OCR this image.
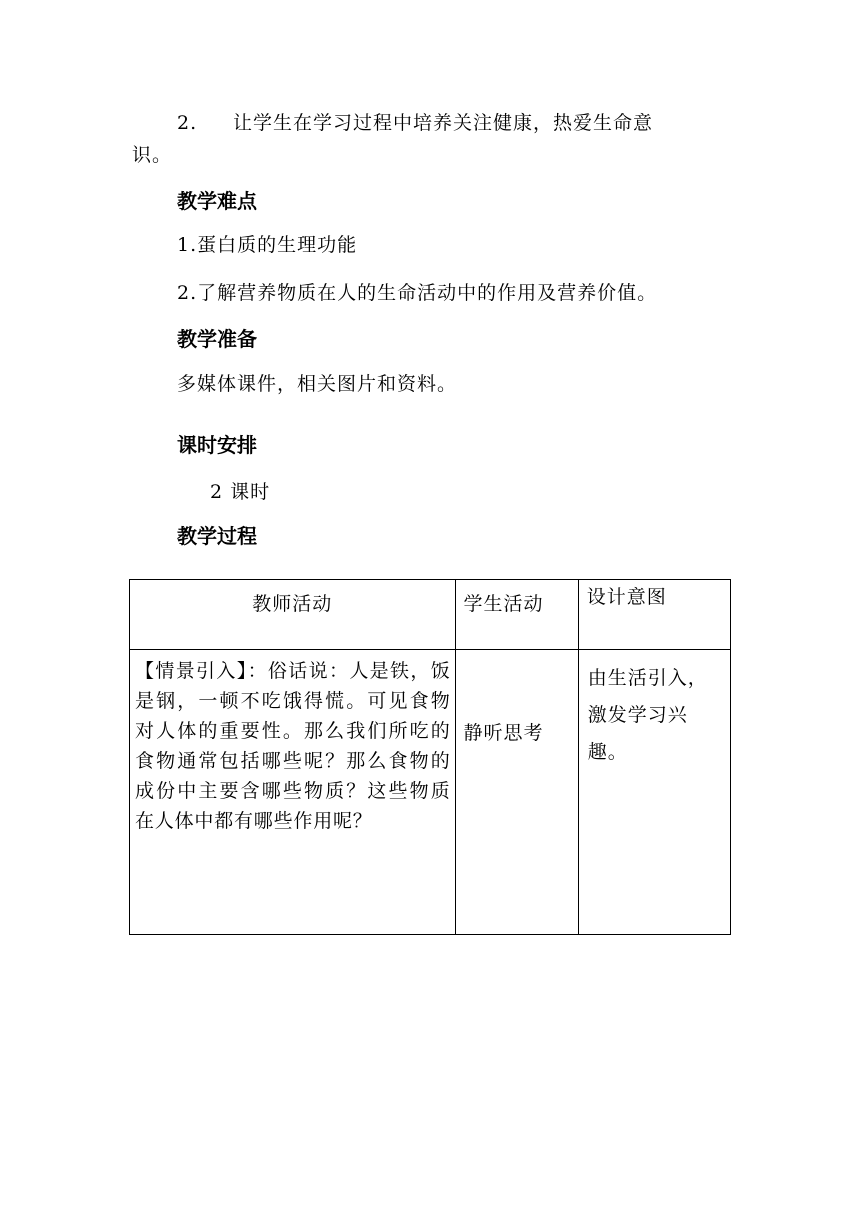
2. 让学生在学习过程中培养关注健康，热爱生命意
识。
教学难点
1.蛋白质的生理功能
2.了解营养物质在人的生命活动中的作用及营养价值。
教学准备
多媒体课件，相关图片和资料。
课时安排
2 课时
教学过程
教师活动	学生活动	设计意图
【情景引入】：俗话说：人是铁，饭是钢，一顿不吃饿得慌。可见食物对人体的重要性。那么我们所吃的食物通常包括哪些呢？那么食物的成份中主要含哪些物质？这些物质在人体中都有哪些作用呢？	静听思考	由生活引入，激发学习兴趣。
